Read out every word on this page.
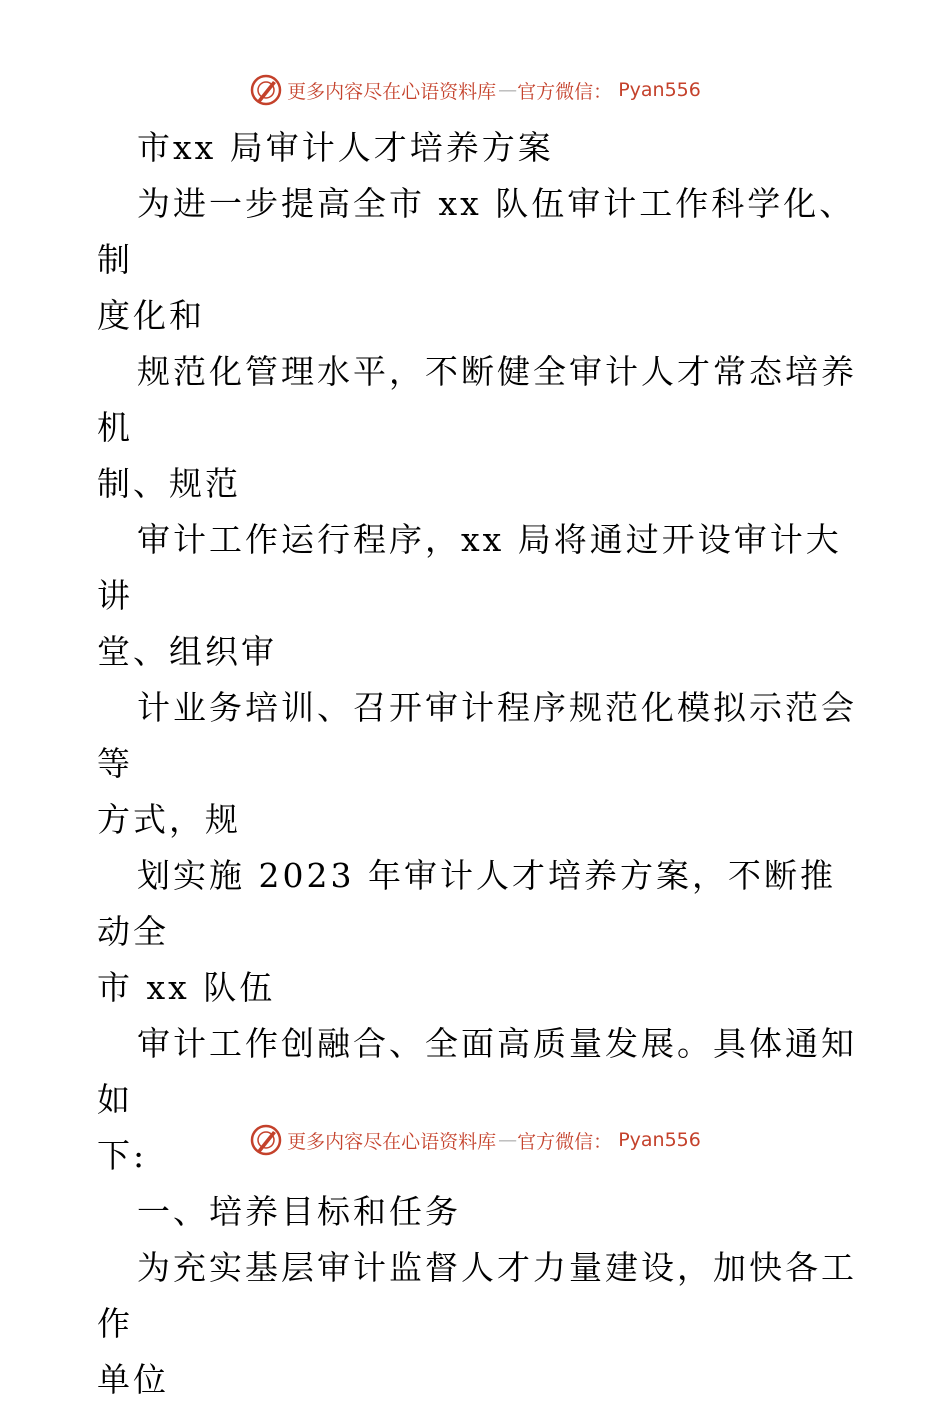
更多内容尽在心语资料库 — 官方微信 ： Pyan556

市xx 局审计人才培养方案

为进一步提高全市 xx 队伍审计工作科学化、制
度化和

规范化管理水平，不断健全审计人才常态培养机
制、规范

审计工作运行程序，xx 局将通过开设审计大讲
堂、组织审

计业务培训、召开审计程序规范化模拟示范会等
方式，规

划实施 2023 年审计人才培养方案，不断推动全
市 xx 队伍

审计工作创融合、全面高质量发展。具体通知如
下:

一、培养目标和任务

为充实基层审计监督人才力量建设，加快各工作
单位

更多内容尽在心语资料库 — 官方微信 ： Pyan556
